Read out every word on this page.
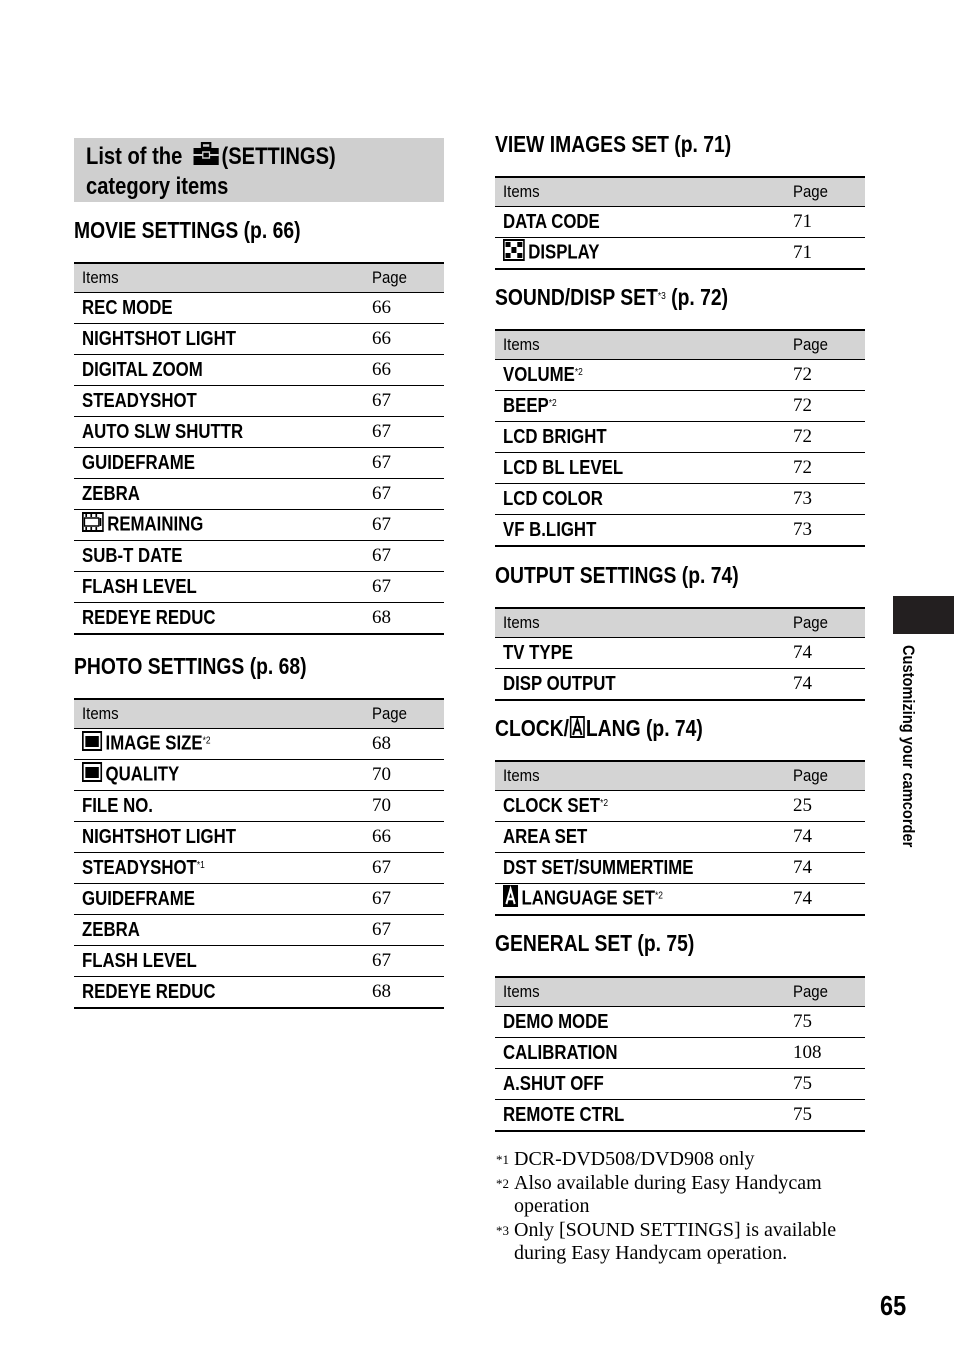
List of the (SETTINGS)
category items
MOVIE SETTINGS (p. 66)
Items	Page
REC MODE	66
NIGHTSHOT LIGHT	66
DIGITAL ZOOM	66
STEADYSHOT	67
AUTO SLW SHUTTR	67
GUIDEFRAME	67
ZEBRA	67
REMAINING	67
SUB-T DATE	67
FLASH LEVEL	67
REDEYE REDUC	68
PHOTO SETTINGS (p. 68)
Items	Page
IMAGE SIZE$^{*2}$	68
QUALITY	70
FILE NO.	70
NIGHTSHOT LIGHT	66
STEADYSHOT$^{*1}$	67
GUIDEFRAME	67
ZEBRA	67
FLASH LEVEL	67
REDEYE REDUC	68
VIEW IMAGES SET (p. 71)
Items	Page
DATA CODE	71
DISPLAY	71
SOUND/DISP SET$^{*3}$ (p. 72)
Items	Page
VOLUME$^{*2}$	72
BEEP$^{*2}$	72
LCD BRIGHT	72
LCD BL LEVEL	72
LCD COLOR	73
VF B.LIGHT	73
OUTPUT SETTINGS (p. 74)
Items	Page
TV TYPE	74
DISP OUTPUT	74
CLOCK/ LANG (p. 74)
Items	Page
CLOCK SET$^{*2}$	25
AREA SET	74
DST SET/SUMMERTIME	74
LANGUAGE SET$^{*2}$	74
GENERAL SET (p. 75)
Items	Page
DEMO MODE	75
CALIBRATION	108
A.SHUT OFF	75
REMOTE CTRL	75
*1 DCR-DVD508/DVD908 only
*2 Also available during Easy Handycam operation
*3 Only [SOUND SETTINGS] is available during Easy Handycam operation.
Customizing your camcorder
65
